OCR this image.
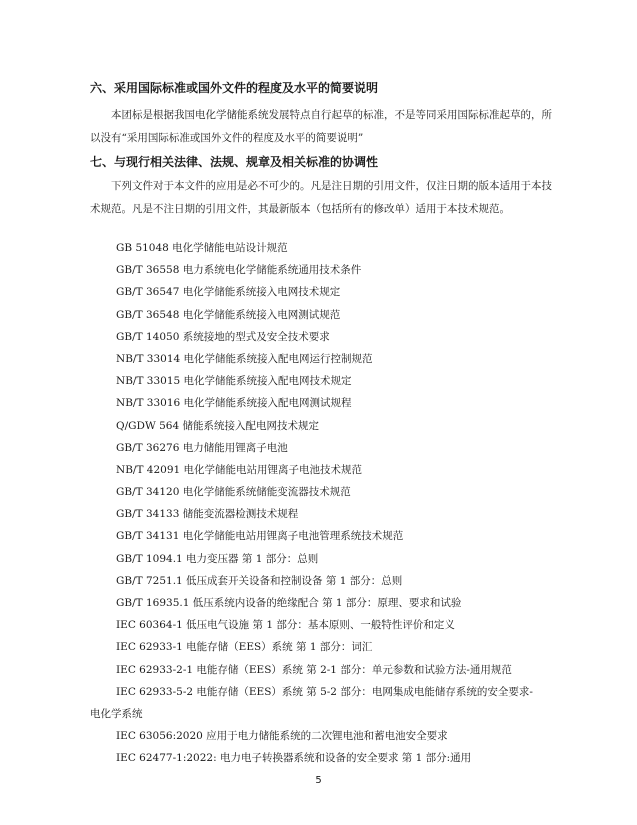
六、采用国际标准或国外文件的程度及水平的简要说明
本团标是根据我国电化学储能系统发展特点自行起草的标准，不是等同采用国际标准起草的，所以没有“采用国际标准或国外文件的程度及水平的简要说明”
七、与现行相关法律、法规、规章及相关标准的协调性
下列文件对于本文件的应用是必不可少的。凡是注日期的引用文件，仅注日期的版本适用于本技术规范。凡是不注日期的引用文件，其最新版本（包括所有的修改单）适用于本技术规范。
GB 51048 电化学储能电站设计规范
GB/T 36558 电力系统电化学储能系统通用技术条件
GB/T 36547 电化学储能系统接入电网技术规定
GB/T 36548 电化学储能系统接入电网测试规范
GB/T 14050 系统接地的型式及安全技术要求
NB/T 33014 电化学储能系统接入配电网运行控制规范
NB/T 33015 电化学储能系统接入配电网技术规定
NB/T 33016 电化学储能系统接入配电网测试规程
Q/GDW 564 储能系统接入配电网技术规定
GB/T 36276 电力储能用锂离子电池
NB/T 42091 电化学储能电站用锂离子电池技术规范
GB/T 34120 电化学储能系统储能变流器技术规范
GB/T 34133 储能变流器检测技术规程
GB/T 34131 电化学储能电站用锂离子电池管理系统技术规范
GB/T 1094.1 电力变压器 第 1 部分：总则
GB/T 7251.1 低压成套开关设备和控制设备 第 1 部分：总则
GB/T 16935.1 低压系统内设备的绝缘配合 第 1 部分：原理、要求和试验
IEC 60364-1 低压电气设施 第 1 部分：基本原则、一般特性评价和定义
IEC 62933-1 电能存储（EES）系统 第 1 部分：词汇
IEC 62933-2-1 电能存储（EES）系统 第 2-1 部分：单元参数和试验方法-通用规范
IEC 62933-5-2 电能存储（EES）系统 第 5-2 部分：电网集成电能储存系统的安全要求-
电化学系统
IEC 63056:2020 应用于电力储能系统的二次锂电池和蓄电池安全要求
IEC 62477-1:2022: 电力电子转换器系统和设备的安全要求 第 1 部分:通用
5
